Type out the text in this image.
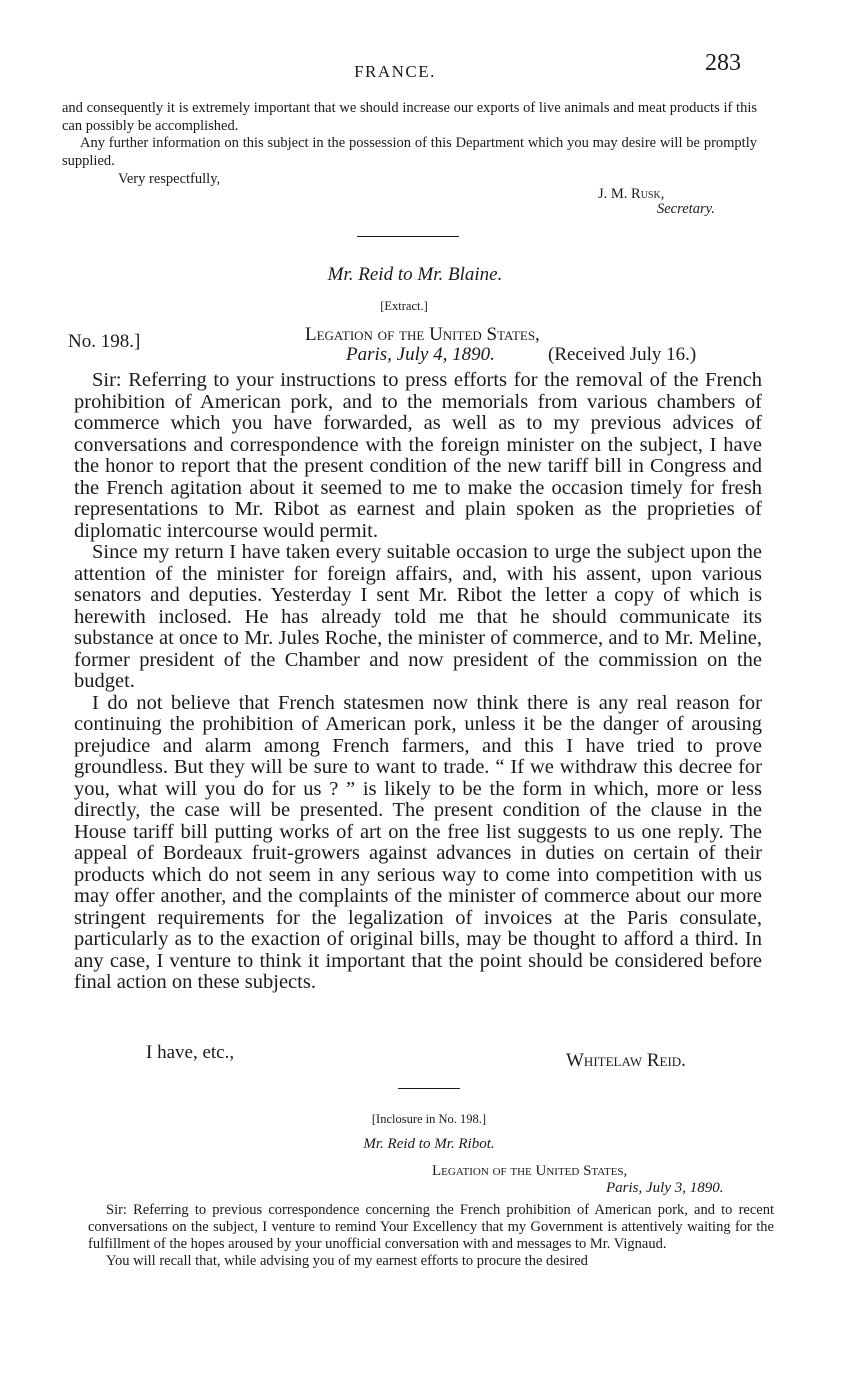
FRANCE.	283

and consequently it is extremely important that we should increase our exports of live animals and meat products if this can possibly be accomplished.

Any further information on this subject in the possession of this Department which you may desire will be promptly supplied.

Very respectfully,
J. M. Rusk,
Secretary.
Mr. Reid to Mr. Blaine.
[Extract.]
No. 198.]	Legation of the United States,
Paris, July 4, 1890.	(Received July 16.)

Sir: Referring to your instructions to press efforts for the removal of the French prohibition of American pork, and to the memorials from various chambers of commerce which you have forwarded, as well as to my previous advices of conversations and correspondence with the foreign minister on the subject, I have the honor to report that the present condition of the new tariff bill in Congress and the French agitation about it seemed to me to make the occasion timely for fresh representations to Mr. Ribot as earnest and plain spoken as the proprieties of diplomatic intercourse would permit.

Since my return I have taken every suitable occasion to urge the subject upon the attention of the minister for foreign affairs, and, with his assent, upon various senators and deputies. Yesterday I sent Mr. Ribot the letter a copy of which is herewith inclosed. He has already told me that he should communicate its substance at once to Mr. Jules Roche, the minister of commerce, and to Mr. Meline, former president of the Chamber and now president of the commission on the budget.

I do not believe that French statesmen now think there is any real reason for continuing the prohibition of American pork, unless it be the danger of arousing prejudice and alarm among French farmers, and this I have tried to prove groundless. But they will be sure to want to trade. “ If we withdraw this decree for you, what will you do for us ? ” is likely to be the form in which, more or less directly, the case will be presented. The present condition of the clause in the House tariff bill putting works of art on the free list suggests to us one reply. The appeal of Bordeaux fruit-growers against advances in duties on certain of their products which do not seem in any serious way to come into competition with us may offer another, and the complaints of the minister of commerce about our more stringent requirements for the legalization of invoices at the Paris consulate, particularly as to the exaction of original bills, may be thought to afford a third. In any case, I venture to think it important that the point should be considered before final action on these subjects.

I have, etc.,	Whitelaw Reid.
[Inclosure in No. 198.]
Mr. Reid to Mr. Ribot.
Legation of the United States,
Paris, July 3, 1890.

Sir: Referring to previous correspondence concerning the French prohibition of American pork, and to recent conversations on the subject, I venture to remind Your Excellency that my Government is attentively waiting for the fulfillment of the hopes aroused by your unofficial conversation with and messages to Mr. Vignaud.

You will recall that, while advising you of my earnest efforts to procure the desired
